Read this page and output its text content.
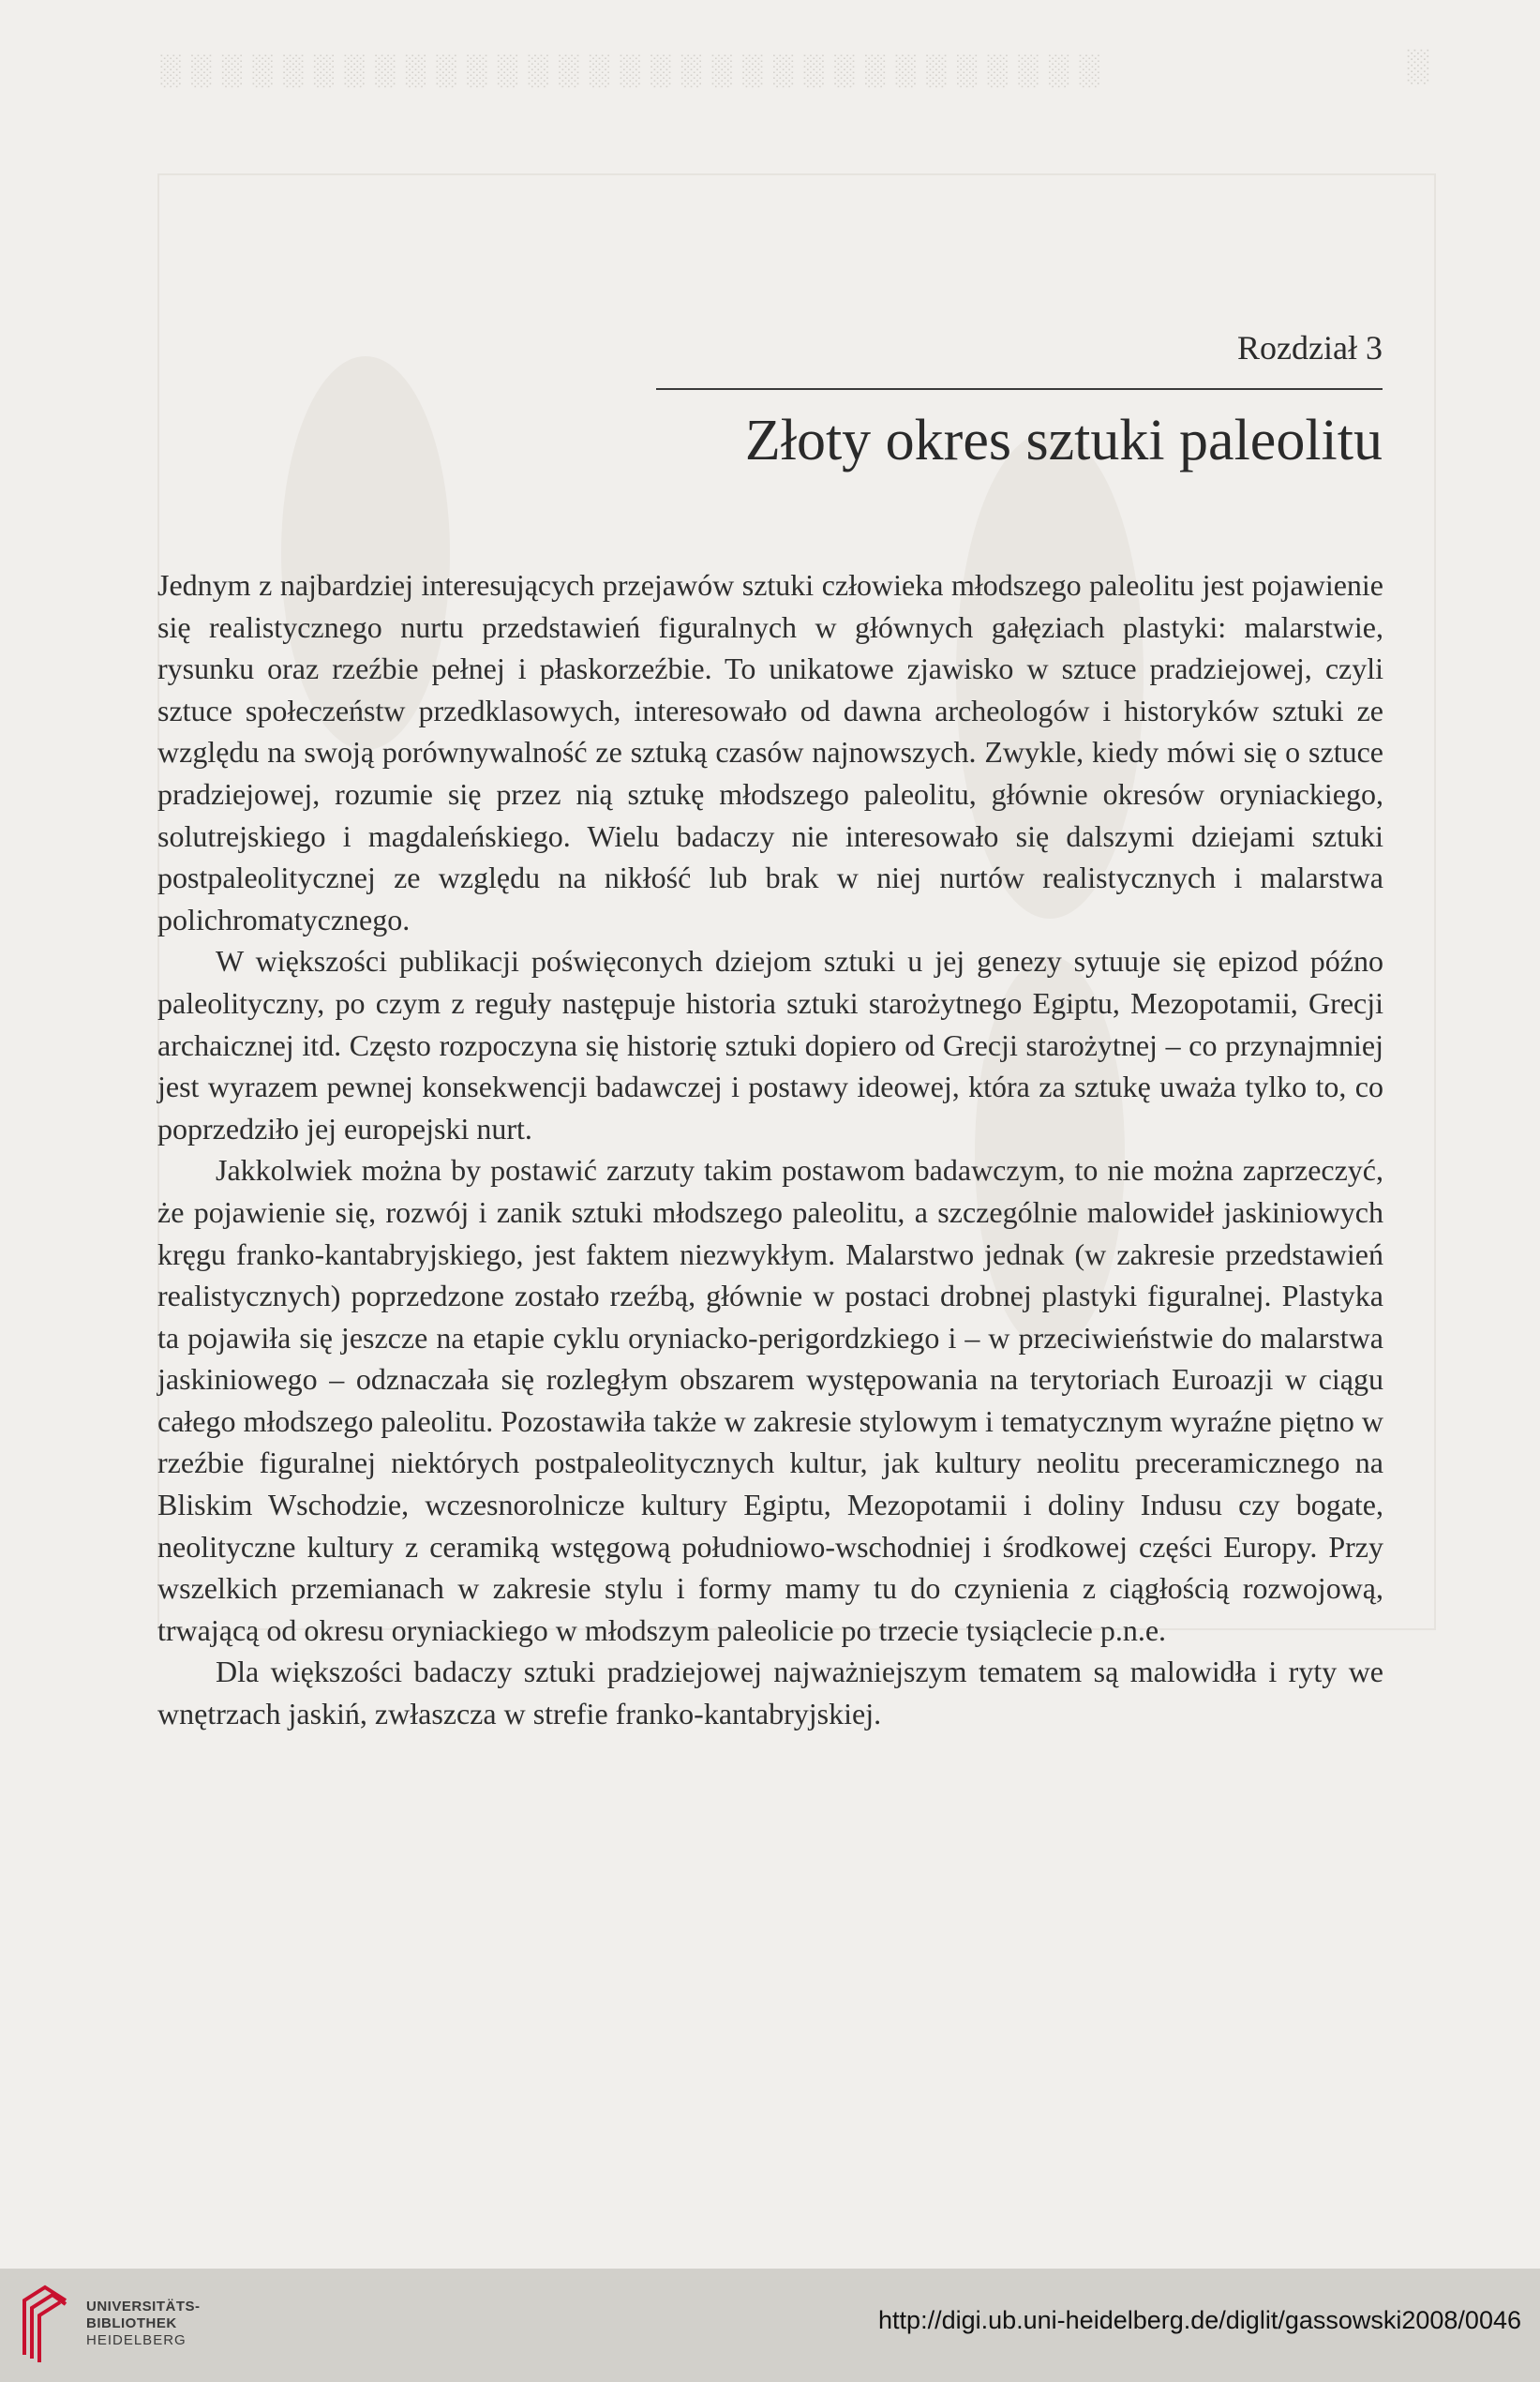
░░░░░░░░░░░░░░░░░░░░░░░░░░░░░░░	░

Rozdział 3

Złoty okres sztuki paleolitu

Jednym z najbardziej interesujących przejawów sztuki człowieka młodszego paleolitu jest pojawienie się realistycznego nurtu przedstawień figuralnych w głównych gałęziach plastyki: malarstwie, rysunku oraz rzeźbie pełnej i płaskorzeźbie. To unikatowe zjawisko w sztuce pradziejowej, czyli sztuce społeczeństw przedklasowych, interesowało od dawna archeologów i historyków sztuki ze względu na swoją porównywalność ze sztuką czasów najnowszych. Zwykle, kiedy mówi się o sztuce pradziejowej, rozumie się przez nią sztukę młodszego paleolitu, głównie okresów oryniackiego, solutrejskiego i magdaleńskiego. Wielu badaczy nie interesowało się dalszymi dziejami sztuki postpaleolitycznej ze względu na nikłość lub brak w niej nurtów realistycznych i malarstwa polichromatycznego.

W większości publikacji poświęconych dziejom sztuki u jej genezy sytuuje się epizod późno paleolityczny, po czym z reguły następuje historia sztuki starożytnego Egiptu, Mezopotamii, Grecji archaicznej itd. Często rozpoczyna się historię sztuki dopiero od Grecji starożytnej – co przynajmniej jest wyrazem pewnej konsekwencji badawczej i postawy ideowej, która za sztukę uważa tylko to, co poprzedziło jej europejski nurt.

Jakkolwiek można by postawić zarzuty takim postawom badawczym, to nie można zaprzeczyć, że pojawienie się, rozwój i zanik sztuki młodszego paleolitu, a szczególnie malowideł jaskiniowych kręgu franko-kantabryjskiego, jest faktem niezwykłym. Malarstwo jednak (w zakresie przedstawień realistycznych) poprzedzone zostało rzeźbą, głównie w postaci drobnej plastyki figuralnej. Plastyka ta pojawiła się jeszcze na etapie cyklu oryniacko-perigordzkiego i – w przeciwieństwie do malarstwa jaskiniowego – odznaczała się rozległym obszarem występowania na terytoriach Euroazji w ciągu całego młodszego paleolitu. Pozostawiła także w zakresie stylowym i tematycznym wyraźne piętno w rzeźbie figuralnej niektórych postpaleolitycznych kultur, jak kultury neolitu preceramicznego na Bliskim Wschodzie, wczesnorolnicze kultury Egiptu, Mezopotamii i doliny Indusu czy bogate, neolityczne kultury z ceramiką wstęgową południowo-wschodniej i środkowej części Europy. Przy wszelkich przemianach w zakresie stylu i formy mamy tu do czynienia z ciągłością rozwojową, trwającą od okresu oryniackiego w młodszym paleolicie po trzecie tysiąclecie p.n.e.

Dla większości badaczy sztuki pradziejowej najważniejszym tematem są malowidła i ryty we wnętrzach jaskiń, zwłaszcza w strefie franko-kantabryjskiej.

UNIVERSITÄTS-
BIBLIOTHEK
HEIDELBERG
http://digi.ub.uni-heidelberg.de/diglit/gassowski2008/0046
